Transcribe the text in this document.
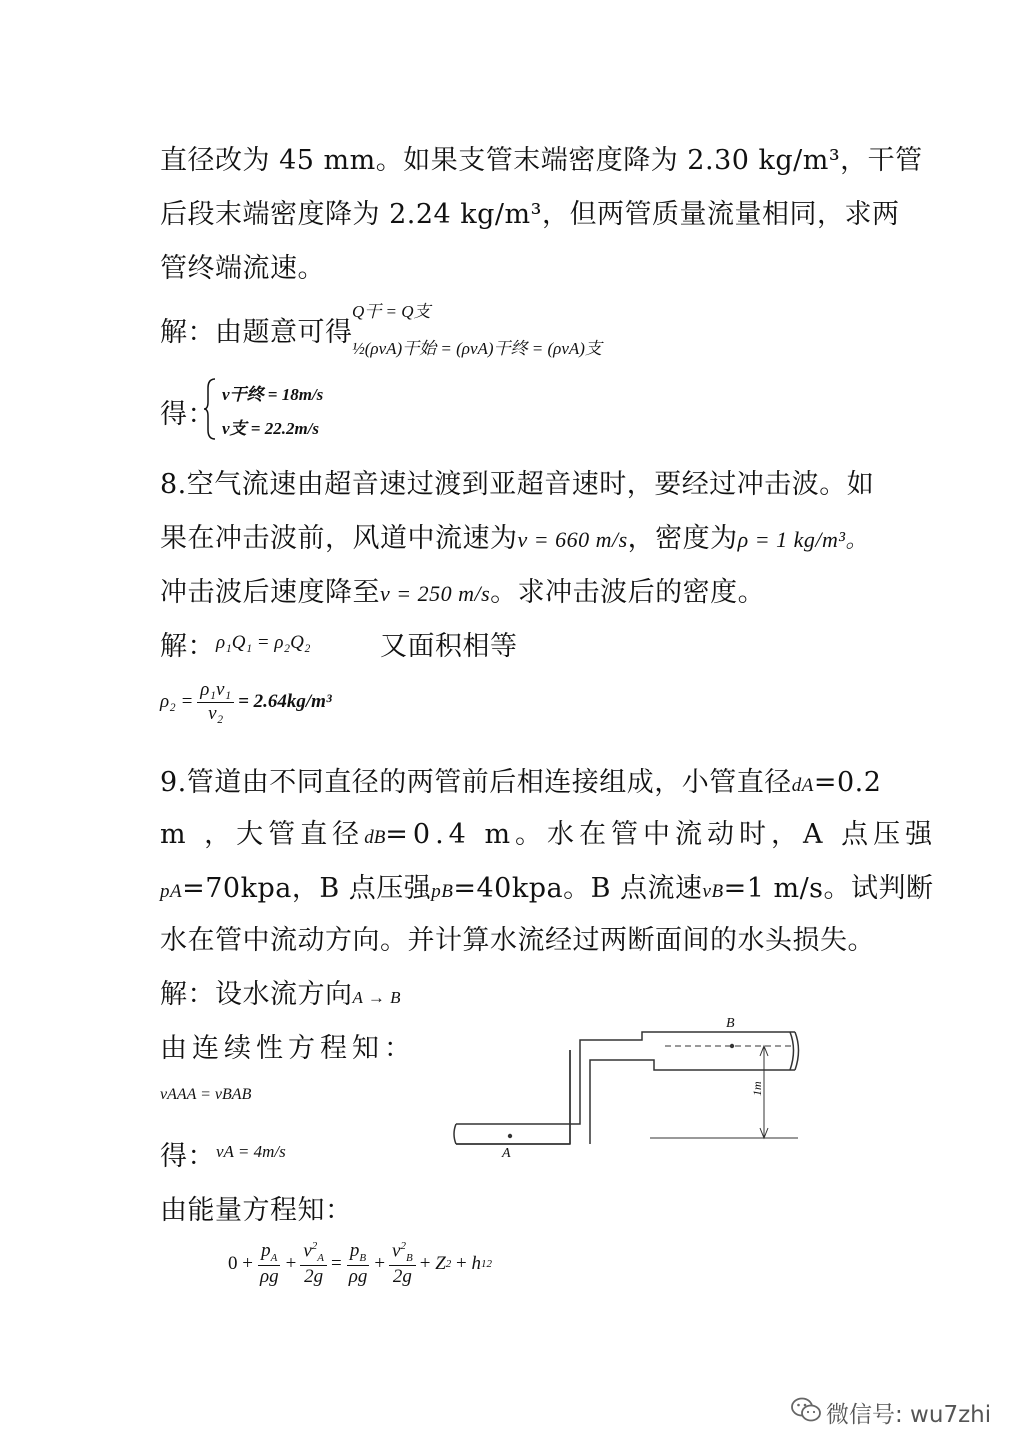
直径改为 45 mm。如果支管末端密度降为 2.30 kg/m³，干管
后段末端密度降为 2.24 kg/m³，但两管质量流量相同，求两
管终端流速。
解：由题意可得
Q干 = Q支
½(ρvA)干始 = (ρvA)干终 = (ρvA)支
得：
v干终 = 18m/s
v支 = 22.2m/s
8.空气流速由超音速过渡到亚超音速时，要经过冲击波。如
果在冲击波前，风道中流速为v = 660 m/s，密度为ρ = 1 kg/m³。
冲击波后速度降至v = 250 m/s。求冲击波后的密度。
解： ρ₁Q₁ = ρ₂Q₂	又面积相等
$\rho_2 = \frac{\text{ρ₁v₁}}{\text{v₂}} = 2.64kg/m^3$
9.管道由不同直径的两管前后相连接组成，小管直径dA=0.2
m ，大管直径dB=0.4 m。水在管中流动时，A 点压强
pA=70kpa，B 点压强pB=40kpa。B 点流速vB=1 m/s。试判断
水在管中流动方向。并计算水流经过两断面间的水头损失。
解：设水流方向A → B
由连续性方程知：
vAAA = vBAB
得： vA = 4m/s	A
B
1m
由能量方程知：
$0 + \frac{p_A}{\rho g} + \frac{v^2_A}{2g} = \frac{p_B}{\rho g} + \frac{v^2_B}{2g}$ +
Z 2
+
h 12
微信号: wu7zhi
